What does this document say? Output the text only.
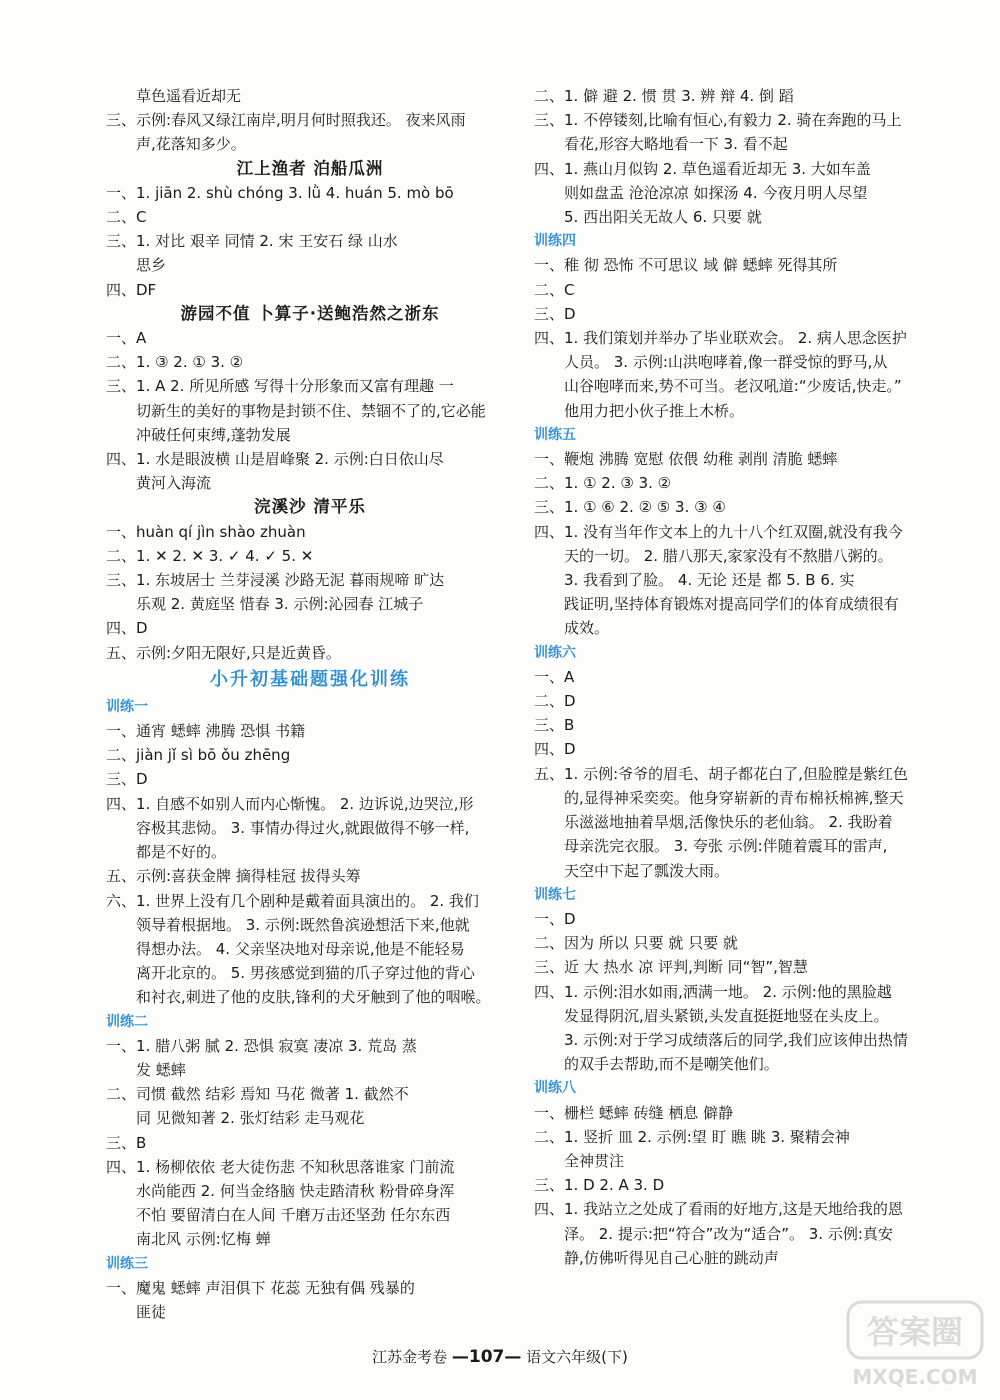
草色遥看近却无
三、示例:春风又绿江南岸,明月何时照我还。 夜来风雨
声,花落知多少。
江上渔者 泊船瓜洲
一、1. jiān 2. shù chóng 3. lǜ 4. huán 5. mò bō
二、C
三、1. 对比 艰辛 同情 2. 宋 王安石 绿 山水
思乡
四、DF
游园不值 卜算子·送鲍浩然之浙东
一、A
二、1. ③ 2. ① 3. ②
三、1. A 2. 所见所感 写得十分形象而又富有理趣 一
切新生的美好的事物是封锁不住、禁锢不了的,它必能
冲破任何束缚,蓬勃发展
四、1. 水是眼波横 山是眉峰聚 2. 示例:白日依山尽
黄河入海流
浣溪沙 清平乐
一、huàn qí jìn shào zhuàn
二、1. ✕ 2. ✕ 3. ✓ 4. ✓ 5. ✕
三、1. 东坡居士 兰芽浸溪 沙路无泥 暮雨规啼 旷达
乐观 2. 黄庭坚 惜春 3. 示例:沁园春 江城子
四、D
五、示例:夕阳无限好,只是近黄昏。
小升初基础题强化训练
训练一
一、通宵 蟋蟀 沸腾 恐惧 书籍
二、jiàn jǐ sì bō ǒu zhēng
三、D
四、1. 自感不如别人而内心惭愧。 2. 边诉说,边哭泣,形
容极其悲恸。 3. 事情办得过火,就跟做得不够一样,
都是不好的。
五、示例:喜获金牌 摘得桂冠 拔得头筹
六、1. 世界上没有几个剧种是戴着面具演出的。 2. 我们
领导着根据地。 3. 示例:既然鲁滨逊想活下来,他就
得想办法。 4. 父亲坚决地对母亲说,他是不能轻易
离开北京的。 5. 男孩感觉到猫的爪子穿过他的背心
和衬衣,刺进了他的皮肤,锋利的犬牙触到了他的咽喉。
训练二
一、1. 腊八粥 腻 2. 恐惧 寂寞 凄凉 3. 荒岛 蒸
发 蟋蟀
二、司惯 截然 结彩 焉知 马花 微著 1. 截然不
同 见微知著 2. 张灯结彩 走马观花
三、B
四、1. 杨柳依依 老大徒伤悲 不知秋思落谁家 门前流
水尚能西 2. 何当金络脑 快走踏清秋 粉骨碎身浑
不怕 要留清白在人间 千磨万击还坚劲 任尔东西
南北风 示例:忆梅 蝉
训练三
一、魔鬼 蟋蟀 声泪俱下 花蕊 无独有偶 残暴的
匪徒
二、1. 僻 避 2. 惯 贯 3. 辨 辩 4. 倒 蹈
三、1. 不停镂刻,比喻有恒心,有毅力 2. 骑在奔跑的马上
看花,形容大略地看一下 3. 看不起
四、1. 燕山月似钩 2. 草色遥看近却无 3. 大如车盖
则如盘盂 沧沧凉凉 如探汤 4. 今夜月明人尽望
5. 西出阳关无故人 6. 只要 就
训练四
一、稚 彻 恐怖 不可思议 域 僻 蟋蟀 死得其所
二、C
三、D
四、1. 我们策划并举办了毕业联欢会。 2. 病人思念医护
人员。 3. 示例:山洪咆哮着,像一群受惊的野马,从
山谷咆哮而来,势不可当。老汉吼道:“少废话,快走。”
他用力把小伙子推上木桥。
训练五
一、鞭炮 沸腾 宽慰 依偎 幼稚 剥削 清脆 蟋蟀
二、1. ① 2. ③ 3. ②
三、1. ① ⑥ 2. ② ⑤ 3. ③ ④
四、1. 没有当年作文本上的九十八个红双圈,就没有我今
天的一切。 2. 腊八那天,家家没有不熬腊八粥的。
3. 我看到了脸。 4. 无论 还是 都 5. B 6. 实
践证明,坚持体育锻炼对提高同学们的体育成绩很有
成效。
训练六
一、A
二、D
三、B
四、D
五、1. 示例:爷爷的眉毛、胡子都花白了,但脸膛是紫红色
的,显得神采奕奕。他身穿崭新的青布棉袄棉裤,整天
乐滋滋地抽着旱烟,活像快乐的老仙翁。 2. 我盼着
母亲洗完衣服。 3. 夸张 示例:伴随着震耳的雷声,
天空中下起了瓢泼大雨。
训练七
一、D
二、因为 所以 只要 就 只要 就
三、近 大 热水 凉 评判,判断 同“智”,智慧
四、1. 示例:泪水如雨,洒满一地。 2. 示例:他的黑脸越
发显得阴沉,眉头紧锁,头发直挺挺地竖在头皮上。
3. 示例:对于学习成绩落后的同学,我们应该伸出热情
的双手去帮助,而不是嘲笑他们。
训练八
一、栅栏 蟋蟀 砖缝 栖息 僻静
二、1. 竖折 皿 2. 示例:望 盯 瞧 眺 3. 聚精会神
全神贯注
三、1. D 2. A 3. D
四、1. 我站立之处成了看雨的好地方,这是天地给我的恩
泽。 2. 提示:把“符合”改为“适合”。 3. 示例:真安
静,仿佛听得见自己心脏的跳动声
江苏金考卷 —107— 语文六年级(下)
答案圈
MXQE.COM
